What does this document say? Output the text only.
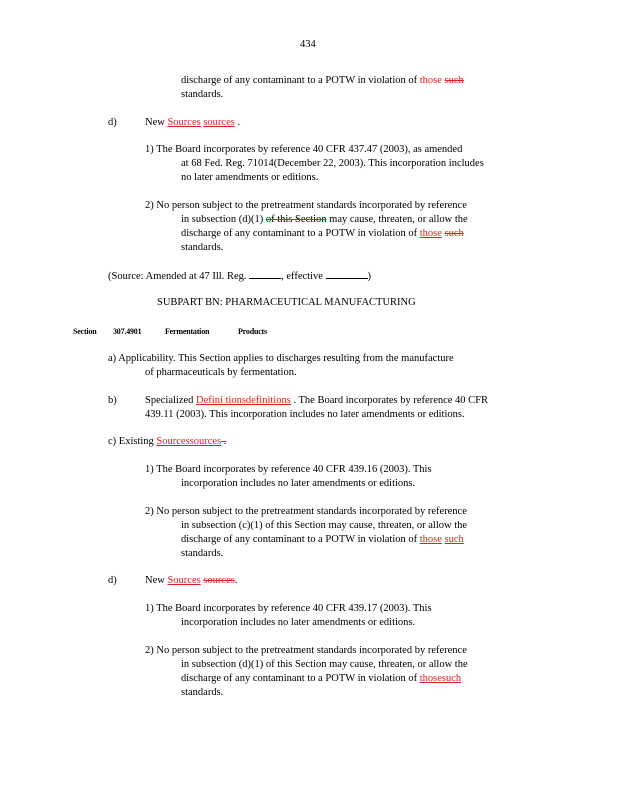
434
discharge of any contaminant to a POTW in violation of those such
standards.
d)	New Sources sources .
1) The Board incorporates by reference 40 CFR 437.47 (2003), as amended
at 68 Fed. Reg. 71014(December 22, 2003). This incorporation includes
no later amendments or editions.
2) No person subject to the pretreatment standards incorporated by reference
in subsection (d)(1) of this Section may cause, threaten, or allow the
discharge of any contaminant to a POTW in violation of those such
standards.
(Source: Amended at 47 Ill. Reg.	, effective	)
SUBPART BN: PHARMACEUTICAL MANUFACTURING
Section 307.4901	Fermentation	Products
a) Applicability. This Section applies to discharges resulting from the manufacture
of pharmaceuticals by fermentation.
b)	Specialized Defini tionsdefinitions . The Board incorporates by reference 40 CFR
439.11 (2003). This incorporation includes no later amendments or editions.
c) Existing Sourcessources .
1) The Board incorporates by reference 40 CFR 439.16 (2003). This
incorporation includes no later amendments or editions.
2) No person subject to the pretreatment standards incorporated by reference
in subsection (c)(1) of this Section may cause, threaten, or allow the
discharge of any contaminant to a POTW in violation of those such
standards.
d)	New Sources sources.
1) The Board incorporates by reference 40 CFR 439.17 (2003). This
incorporation includes no later amendments or editions.
2) No person subject to the pretreatment standards incorporated by reference
in subsection (d)(1) of this Section may cause, threaten, or allow the
discharge of any contaminant to a POTW in violation of thosesuch
standards.
